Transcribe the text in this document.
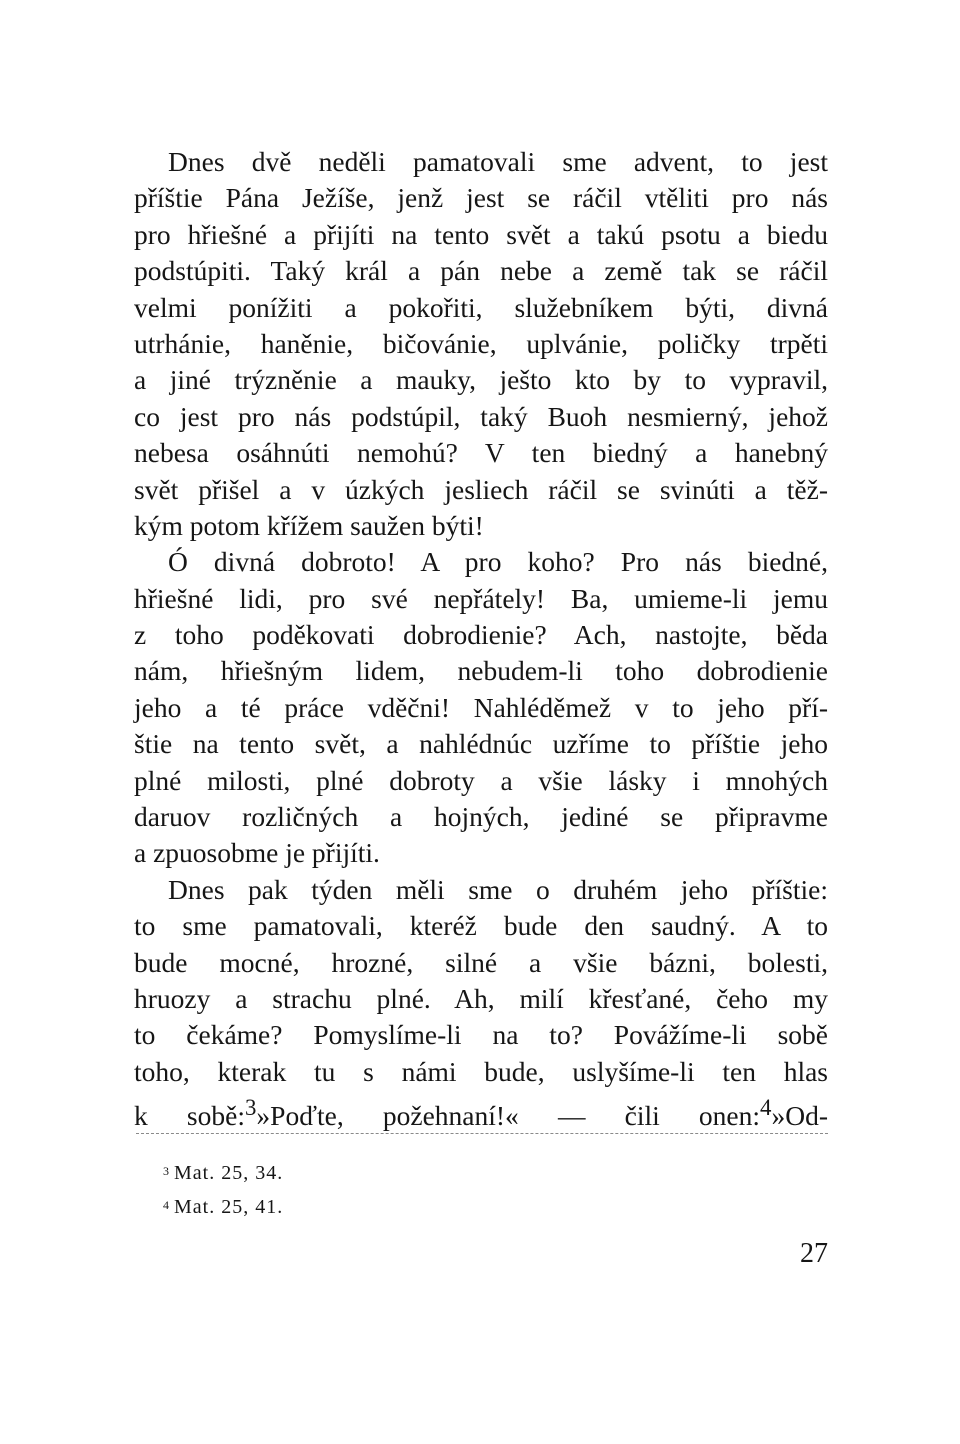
Dnes dvě neděli pamatovali sme advent, to jest
příštie Pána Ježíše, jenž jest se ráčil vtěliti pro nás
pro hřiešné a přijíti na tento svět a takú psotu a biedu
podstúpiti. Taký král a pán nebe a země tak se ráčil
velmi ponížiti a pokořiti, služebníkem býti, divná
utrhánie, haněnie, bičovánie, uplvánie, poličky trpěti
a jiné trýzněnie a mauky, ješto kto by to vypravil,
co jest pro nás podstúpil, taký Buoh nesmierný, jehož
nebesa osáhnúti nemohú? V ten biedný a hanebný
svět přišel a v úzkých jesliech ráčil se svinúti a těž-
kým potom křížem saužen býti!
Ó divná dobroto! A pro koho? Pro nás biedné,
hřiešné lidi, pro své nepřátely! Ba, umieme-li jemu
z toho poděkovati dobrodienie? Ach, nastojte, běda
nám, hřiešným lidem, nebudem-li toho dobrodienie
jeho a té práce vděčni! Nahléděmež v to jeho pří-
štie na tento svět, a nahlédnúc uzříme to příštie jeho
plné milosti, plné dobroty a všie lásky i mnohých
daruov rozličných a hojných, jediné se připravme
a zpuosobme je přijíti.
Dnes pak týden měli sme o druhém jeho příštie:
to sme pamatovali, kteréž bude den saudný. A to
bude mocné, hrozné, silné a všie bázni, bolesti,
hruozy a strachu plné. Ah, milí křesťané, čeho my
to čekáme? Pomyslíme-li na to? Povážíme-li sobě
toho, kterak tu s námi bude, uslyšíme-li ten hlas
k sobě:$^3$»Poďte, požehnaní!« — čili onen:$^4$»Od-
$^3$ Mat. 25, 34.
$^4$ Mat. 25, 41.
27
